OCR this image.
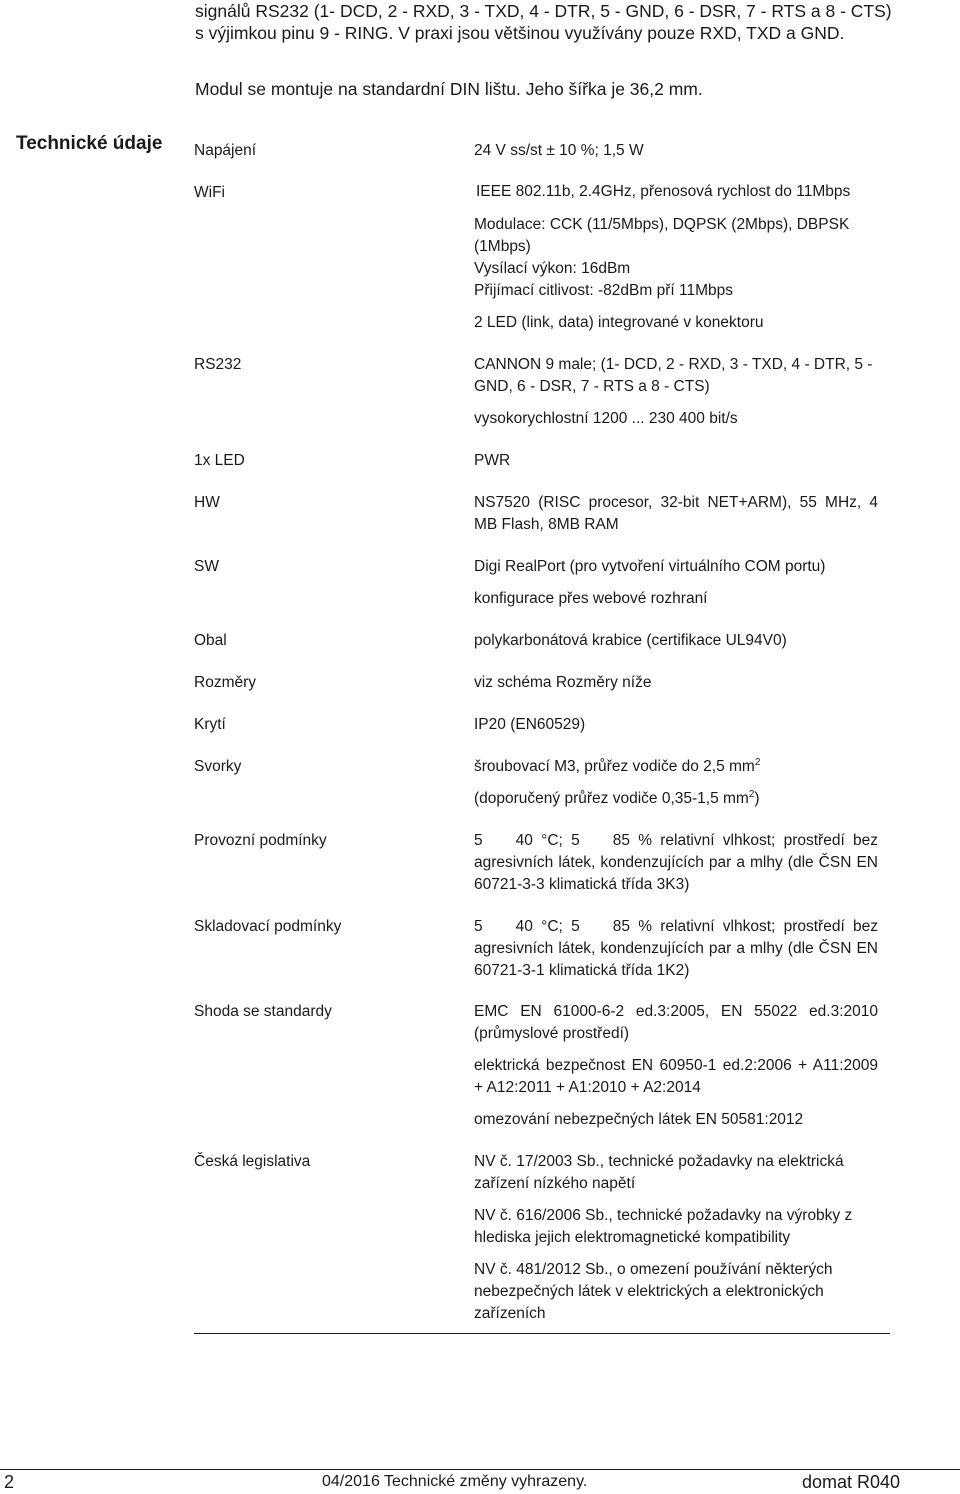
signálů RS232 (1- DCD, 2 - RXD, 3 - TXD, 4 - DTR, 5 - GND, 6 - DSR, 7 - RTS a 8 - CTS)

s výjimkou pinu 9 - RING. V praxi jsou většinou využívány pouze RXD, TXD a GND.

Modul se montuje na standardní DIN lištu. Jeho šířka je 36,2 mm.

Technické údaje Napájení	24 V ss/st ± 10 %; 1,5 W
WiFi	IEEE 802.11b, 2.4GHz, přenosová rychlost do 11Mbps
Modulace: CCK (11/5Mbps), DQPSK (2Mbps), DBPSK
(1Mbps)
Vysílací výkon: 16dBm
Přijímací citlivost: -82dBm pří 11Mbps
2 LED (link, data) integrované v konektoru
RS232	CANNON 9 male; (1- DCD, 2 - RXD, 3 - TXD, 4 - DTR, 5 -
GND, 6 - DSR, 7 - RTS a 8 - CTS)
vysokorychlostní 1200 ... 230 400 bit/s
1x LED	PWR
HW	NS7520 (RISC procesor, 32-bit NET+ARM), 55 MHz, 4 MB Flash, 8MB RAM
SW	Digi RealPort (pro vytvoření virtuálního COM portu)
konfigurace přes webové rozhraní
Obal	polykarbonátová krabice (certifikace UL94V0)
Rozměry	viz schéma Rozměry níže
Krytí	IP20 (EN60529)
Svorky	šroubovací M3, průřez vodiče do 2,5 $mm^2$
(doporučený průřez vodiče 0,35-1,5 $mm^2$)
Provozní podmínky	5    40 °C; 5    85 % relativní vlhkost; prostředí bez agresivních látek, kondenzujících par a mlhy (dle ČSN EN 60721-3-3 klimatická třída 3K3)
Skladovací podmínky	5    40 °C; 5    85 % relativní vlhkost; prostředí bez agresivních látek, kondenzujících par a mlhy (dle ČSN EN 60721-3-1 klimatická třída 1K2)
Shoda se standardy	EMC EN 61000-6-2 ed.3:2005, EN 55022 ed.3:2010 (průmyslové prostředí)
elektrická bezpečnost EN 60950-1 ed.2:2006 + A11:2009 + A12:2011 + A1:2010 + A2:2014
omezování nebezpečných látek EN 50581:2012
Česká legislativa	NV č. 17/2003 Sb., technické požadavky na elektrická zařízení nízkého napětí
NV č. 616/2006 Sb., technické požadavky na výrobky z hlediska jejich elektromagnetické kompatibility
NV č. 481/2012 Sb., o omezení používání některých nebezpečných látek v elektrických a elektronických zařízeních
2	04/2016 Technické změny vyhrazeny.	domat R040
